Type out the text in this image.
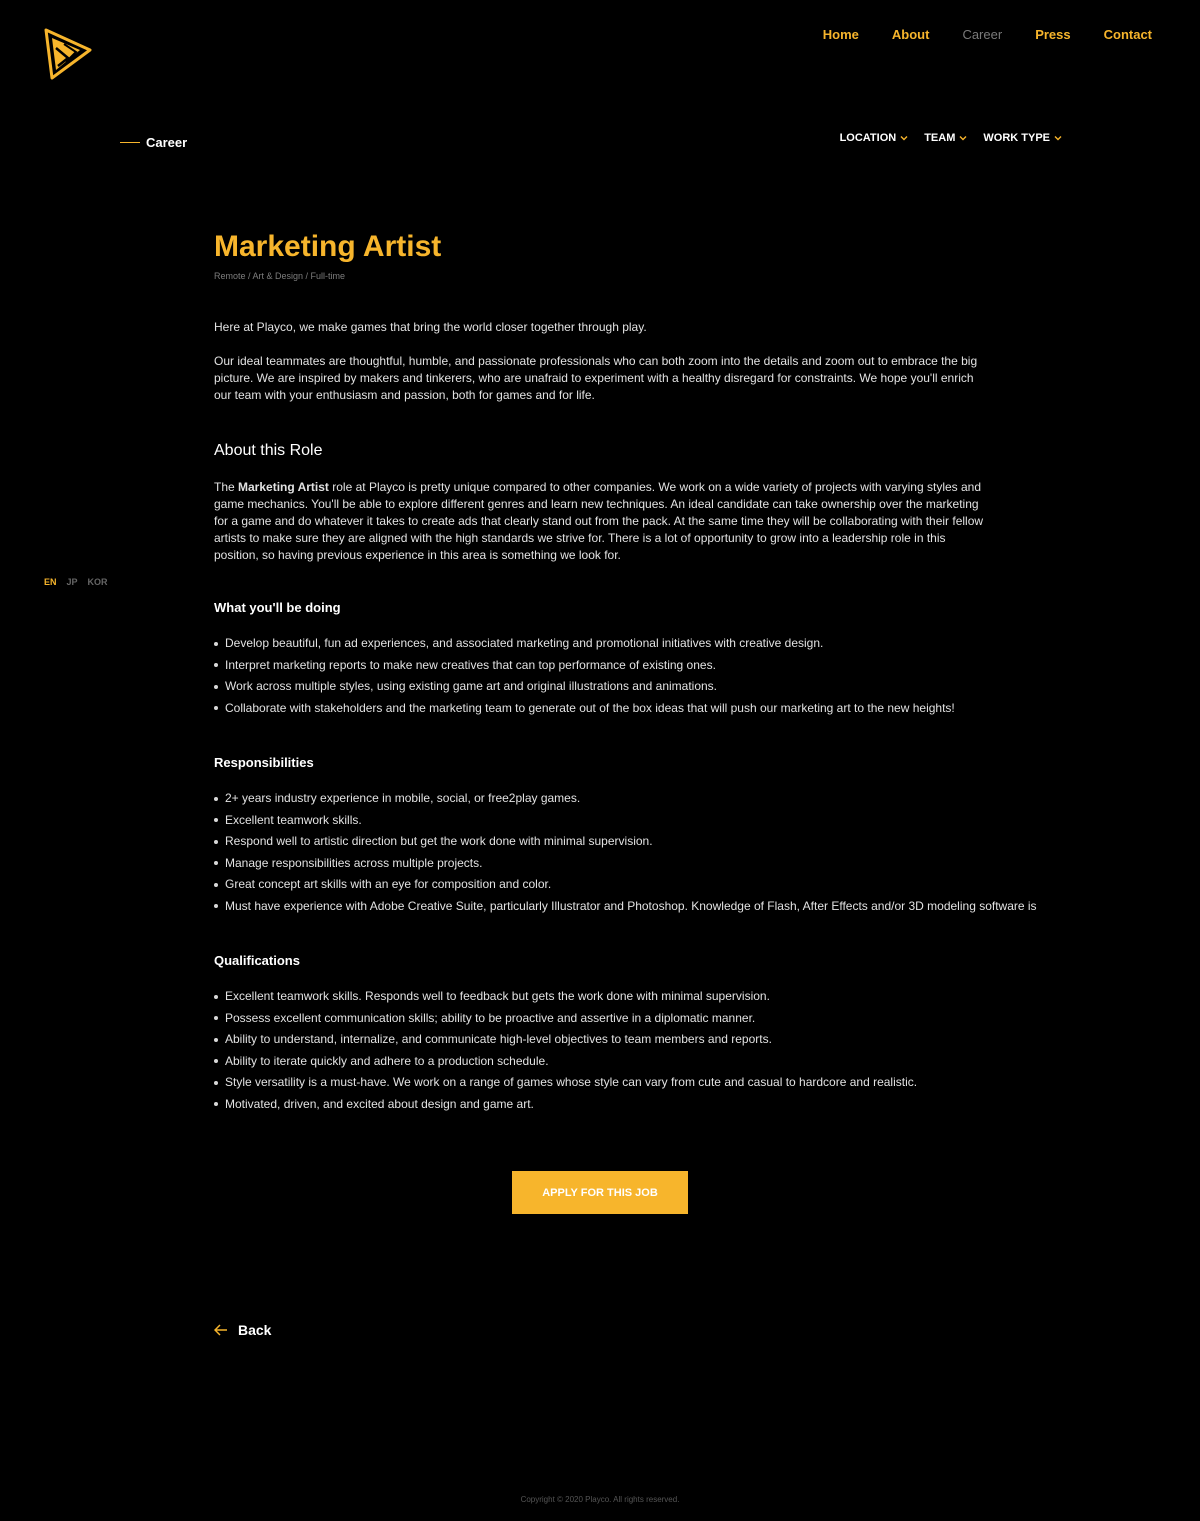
Home	About	Career	Press	Contact
Career	LOCATION	TEAM	WORK TYPE
EN JP KOR
Marketing Artist
Remote / Art & Design / Full-time

Here at Playco, we make games that bring the world closer together through play.

Our ideal teammates are thoughtful, humble, and passionate professionals who can both zoom into the details and zoom out to embrace the big picture. We are inspired by makers and tinkerers, who are unafraid to experiment with a healthy disregard for constraints. We hope you'll enrich our team with your enthusiasm and passion, both for games and for life.

About this Role

The Marketing Artist role at Playco is pretty unique compared to other companies. We work on a wide variety of projects with varying styles and game mechanics. You'll be able to explore different genres and learn new techniques. An ideal candidate can take ownership over the marketing for a game and do whatever it takes to create ads that clearly stand out from the pack. At the same time they will be collaborating with their fellow artists to make sure they are aligned with the high standards we strive for. There is a lot of opportunity to grow into a leadership role in this position, so having previous experience in this area is something we look for.

What you'll be doing
Develop beautiful, fun ad experiences, and associated marketing and promotional initiatives with creative design.
Interpret marketing reports to make new creatives that can top performance of existing ones.
Work across multiple styles, using existing game art and original illustrations and animations.
Collaborate with stakeholders and the marketing team to generate out of the box ideas that will push our marketing art to the new heights!
Responsibilities
2+ years industry experience in mobile, social, or free2play games.
Excellent teamwork skills.
Respond well to artistic direction but get the work done with minimal supervision.
Manage responsibilities across multiple projects.
Great concept art skills with an eye for composition and color.
Must have experience with Adobe Creative Suite, particularly Illustrator and Photoshop. Knowledge of Flash, After Effects and/or 3D modeling software is
Qualifications
Excellent teamwork skills. Responds well to feedback but gets the work done with minimal supervision.
Possess excellent communication skills; ability to be proactive and assertive in a diplomatic manner.
Ability to understand, internalize, and communicate high-level objectives to team members and reports.
Ability to iterate quickly and adhere to a production schedule.
Style versatility is a must-have. We work on a range of games whose style can vary from cute and casual to hardcore and realistic.
Motivated, driven, and excited about design and game art.
APPLY FOR THIS JOB
Back
Copyright © 2020 Playco. All rights reserved.
